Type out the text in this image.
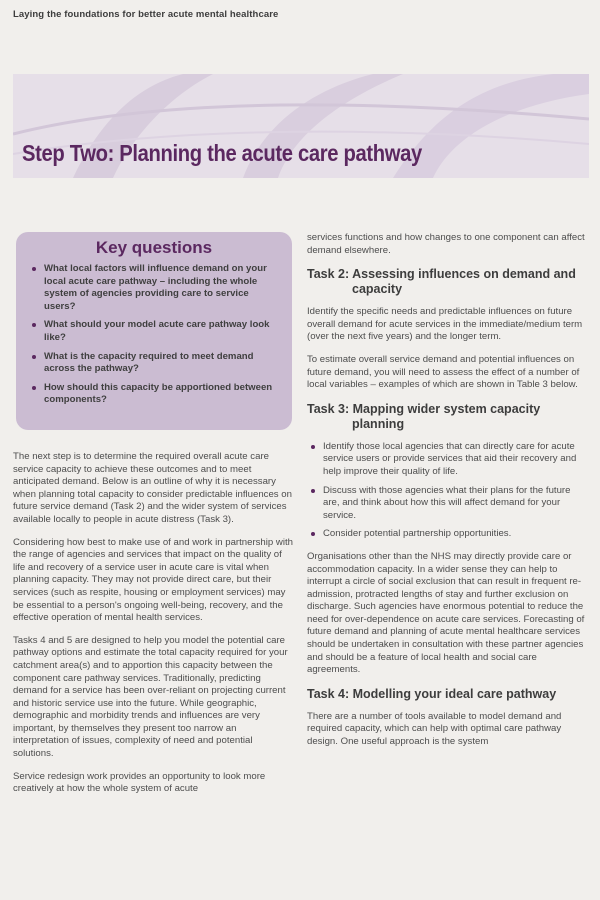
Laying the foundations for better acute mental healthcare
Step Two: Planning the acute care pathway
Key questions
What local factors will influence demand on your local acute care pathway – including the whole system of agencies providing care to service users?
What should your model acute care pathway look like?
What is the capacity required to meet demand across the pathway?
How should this capacity be apportioned between components?

The next step is to determine the required overall acute care service capacity to achieve these outcomes and to meet anticipated demand. Below is an outline of why it is necessary when planning total capacity to consider predictable influences on future service demand (Task 2) and the wider system of services available locally to people in acute distress (Task 3).

Considering how best to make use of and work in partnership with the range of agencies and services that impact on the quality of life and recovery of a service user in acute care is vital when planning capacity. They may not provide direct care, but their services (such as respite, housing or employment services) may be essential to a person's ongoing well-being, recovery, and the effective operation of mental health services.

Tasks 4 and 5 are designed to help you model the potential care pathway options and estimate the total capacity required for your catchment area(s) and to apportion this capacity between the component care pathway services. Traditionally, predicting demand for a service has been over-reliant on projecting current and historic service use into the future. While geographic, demographic and morbidity trends and influences are very important, by themselves they present too narrow an interpretation of issues, complexity of need and potential solutions.

Service redesign work provides an opportunity to look more creatively at how the whole system of acute

services functions and how changes to one component can affect demand elsewhere.

Task 2: Assessing influences on demand and
capacity

Identify the specific needs and predictable influences on future overall demand for acute services in the immediate/medium term (over the next five years) and the longer term.

To estimate overall service demand and potential influences on future demand, you will need to assess the effect of a number of local variables – examples of which are shown in Table 3 below.

Task 3: Mapping wider system capacity
planning
Identify those local agencies that can directly care for acute service users or provide services that aid their recovery and help improve their quality of life.
Discuss with those agencies what their plans for the future are, and think about how this will affect demand for your service.
Consider potential partnership opportunities.

Organisations other than the NHS may directly provide care or accommodation capacity. In a wider sense they can help to interrupt a circle of social exclusion that can result in frequent re-admission, protracted lengths of stay and further exclusion on discharge. Such agencies have enormous potential to reduce the need for over-dependence on acute care services. Forecasting of future demand and planning of acute mental healthcare services should be undertaken in consultation with these partner agencies and should be a feature of local health and social care agreements.

Task 4: Modelling your ideal care pathway

There are a number of tools available to model demand and required capacity, which can help with optimal care pathway design. One useful approach is the system
